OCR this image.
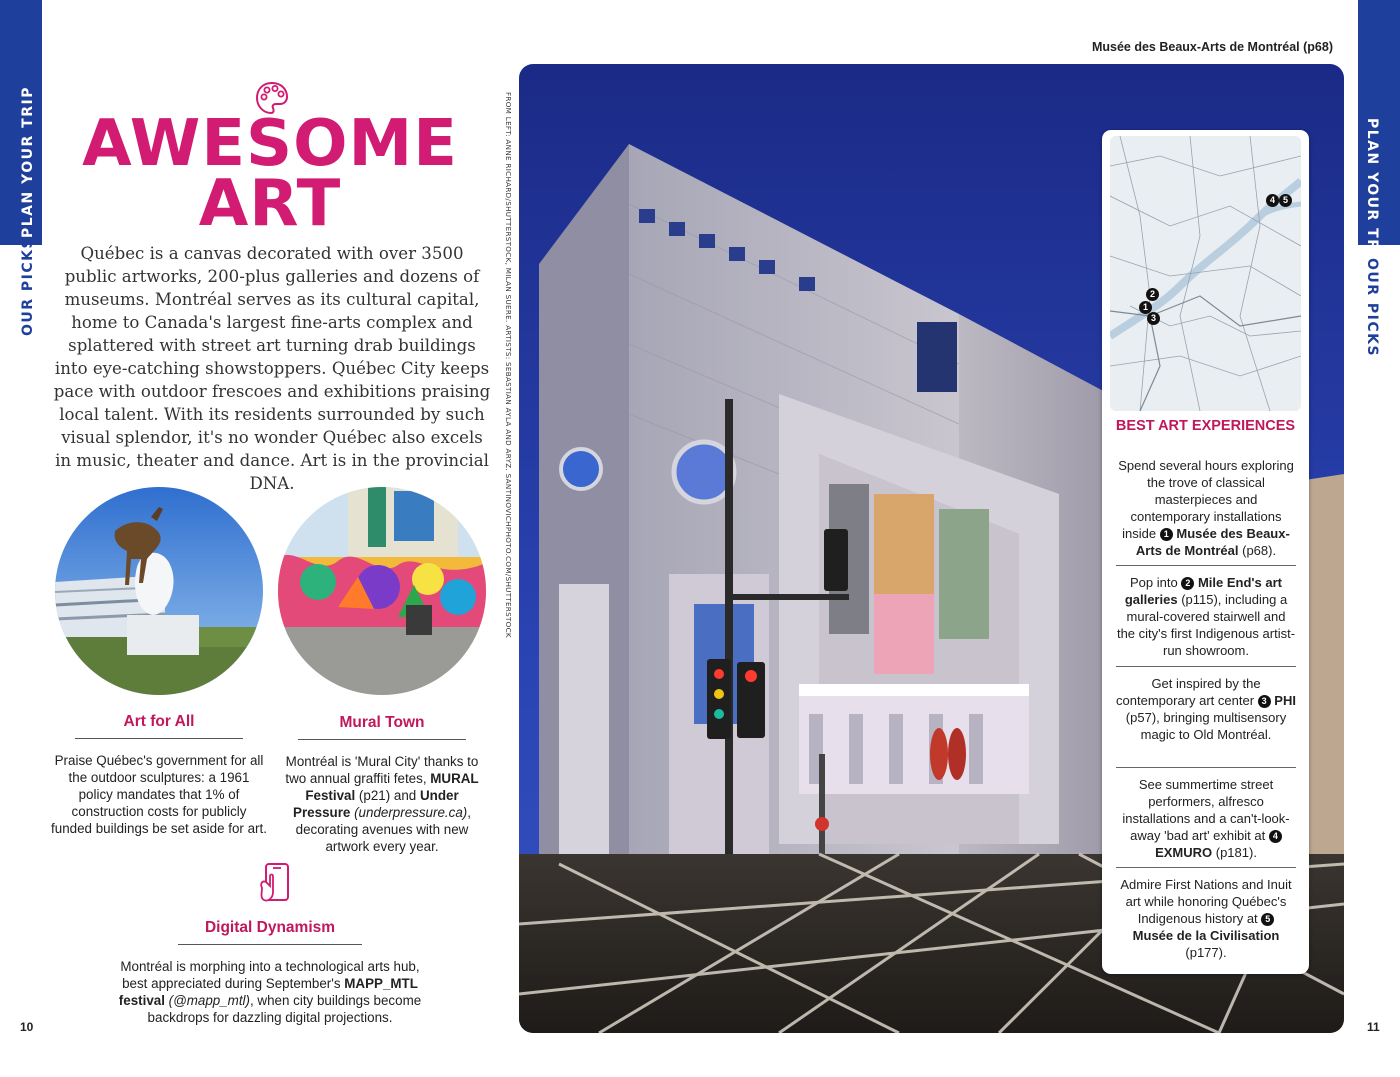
PLAN YOUR TRIP
OUR PICKS
PLAN YOUR TRIP
OUR PICKS
AWESOME
ART
Québec is a canvas decorated with over 3500 public artworks, 200-plus galleries and dozens of museums. Montréal serves as its cultural capital, home to Canada's largest fine-arts complex and splattered with street art turning drab buildings into eye-catching showstoppers. Québec City keeps pace with outdoor frescoes and exhibitions praising local talent. With its residents surrounded by such visual splendor, it's no wonder Québec also excels in music, theater and dance. Art is in the provincial DNA.
Art for All
Praise Québec's government for all the outdoor sculptures: a 1961 policy mandates that 1% of construction costs for publicly funded buildings be set aside for art.
Mural Town
Montréal is 'Mural City' thanks to two annual graffiti fetes, MURAL Festival (p21) and Under Pressure (underpressure.ca), decorating avenues with new artwork every year.
Digital Dynamism
Montréal is morphing into a technological arts hub, best appreciated during September's MAPP_MTL festival (@mapp_mtl), when city buildings become backdrops for dazzling digital projections.
10	11
FROM LEFT: ANNE RICHARD/SHUTTERSTOCK, MILAN SUERE. ARTISTS: SEBASTIAN AYLA AND ARYZ. SANTINOVICHPHOTO.COM/SHUTTERSTOCK
Musée des Beaux-Arts de Montréal (p68)
2
1
3
4 5
BEST ART EXPERIENCES
Spend several hours exploring the trove of classical masterpieces and contemporary installations inside 1 Musée des Beaux-Arts de Montréal (p68).
Pop into 2 Mile End's art galleries (p115), including a mural-covered stairwell and the city's first Indigenous artist-run showroom.
Get inspired by the contemporary art center 3 PHI (p57), bringing multisensory magic to Old Montréal.
See summertime street performers, alfresco installations and a can't-look-away 'bad art' exhibit at 4 EXMURO (p181).
Admire First Nations and Inuit art while honoring Québec's Indigenous history at 5 Musée de la Civilisation (p177).
